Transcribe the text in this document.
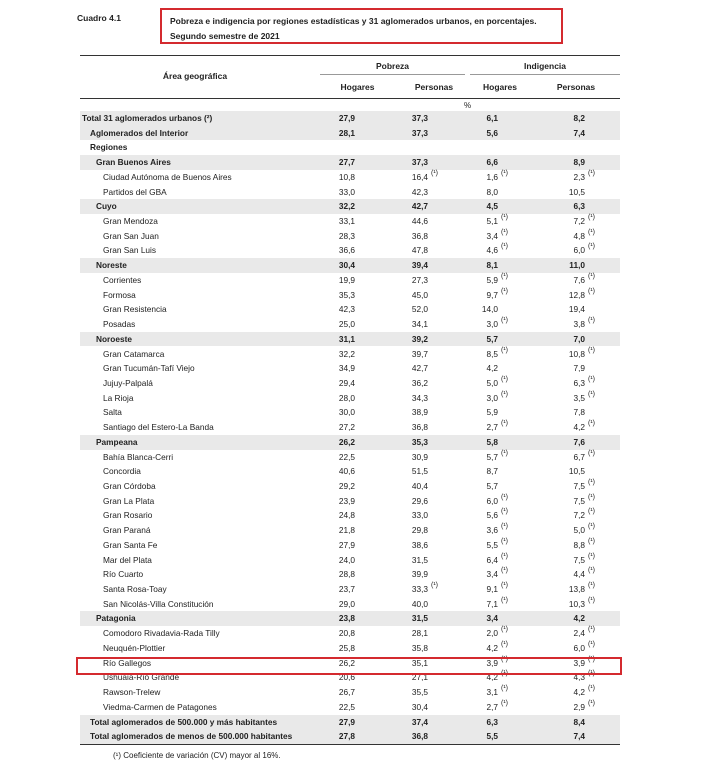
Cuadro 4.1	Pobreza e indigencia por regiones estadísticas y 31 aglomerados urbanos, en porcentajes.
Segundo semestre de 2021
Área geográfica
Pobreza	Indigencia
Hogares	Personas	Hogares	Personas
%
Total 31 aglomerados urbanos (²)	27,9	37,3	6,1	8,2
Aglomerados del Interior	28,1	37,3	5,6	7,4
Regiones
Gran Buenos Aires	27,7	37,3	6,6	8,9
Ciudad Autónoma de Buenos Aires	10,8	16,4 (¹)	1,6 (¹)	2,3 (¹)
Partidos del GBA	33,0	42,3	8,0	10,5
Cuyo	32,2	42,7	4,5	6,3
Gran Mendoza	33,1	44,6	5,1 (¹)	7,2 (¹)
Gran San Juan	28,3	36,8	3,4 (¹)	4,8 (¹)
Gran San Luis	36,6	47,8	4,6 (¹)	6,0 (¹)
Noreste	30,4	39,4	8,1	11,0
Corrientes	19,9	27,3	5,9 (¹)	7,6 (¹)
Formosa	35,3	45,0	9,7 (¹)	12,8 (¹)
Gran Resistencia	42,3	52,0	14,0	19,4
Posadas	25,0	34,1	3,0 (¹)	3,8 (¹)
Noroeste	31,1	39,2	5,7	7,0
Gran Catamarca	32,2	39,7	8,5 (¹)	10,8 (¹)
Gran Tucumán-Tafí Viejo	34,9	42,7	4,2	7,9
Jujuy-Palpalá	29,4	36,2	5,0 (¹)	6,3 (¹)
La Rioja	28,0	34,3	3,0 (¹)	3,5 (¹)
Salta	30,0	38,9	5,9	7,8
Santiago del Estero-La Banda	27,2	36,8	2,7 (¹)	4,2 (¹)
Pampeana	26,2	35,3	5,8	7,6
Bahía Blanca-Cerri	22,5	30,9	5,7 (¹)	6,7 (¹)
Concordia	40,6	51,5	8,7	10,5
Gran Córdoba	29,2	40,4	5,7	7,5 (¹)
Gran La Plata	23,9	29,6	6,0 (¹)	7,5 (¹)
Gran Rosario	24,8	33,0	5,6 (¹)	7,2 (¹)
Gran Paraná	21,8	29,8	3,6 (¹)	5,0 (¹)
Gran Santa Fe	27,9	38,6	5,5 (¹)	8,8 (¹)
Mar del Plata	24,0	31,5	6,4 (¹)	7,5 (¹)
Río Cuarto	28,8	39,9	3,4 (¹)	4,4 (¹)
Santa Rosa-Toay	23,7	33,3 (¹)	9,1 (¹)	13,8 (¹)
San Nicolás-Villa Constitución	29,0	40,0	7,1 (¹)	10,3 (¹)
Patagonia	23,8	31,5	3,4	4,2
Comodoro Rivadavia-Rada Tilly	20,8	28,1	2,0 (¹)	2,4 (¹)
Neuquén-Plottier	25,8	35,8	4,2 (¹)	6,0 (¹)
Río Gallegos	26,2	35,1	3,9 (¹)	3,9 (¹)
Ushuaia-Río Grande	20,6	27,1	4,2 (¹)	4,3 (¹)
Rawson-Trelew	26,7	35,5	3,1 (¹)	4,2 (¹)
Viedma-Carmen de Patagones	22,5	30,4	2,7 (¹)	2,9 (¹)
Total aglomerados de 500.000 y más habitantes	27,9	37,4	6,3	8,4
Total aglomerados de menos de 500.000 habitantes	27,8	36,8	5,5	7,4
(¹) Coeficiente de variación (CV) mayor al 16%.
